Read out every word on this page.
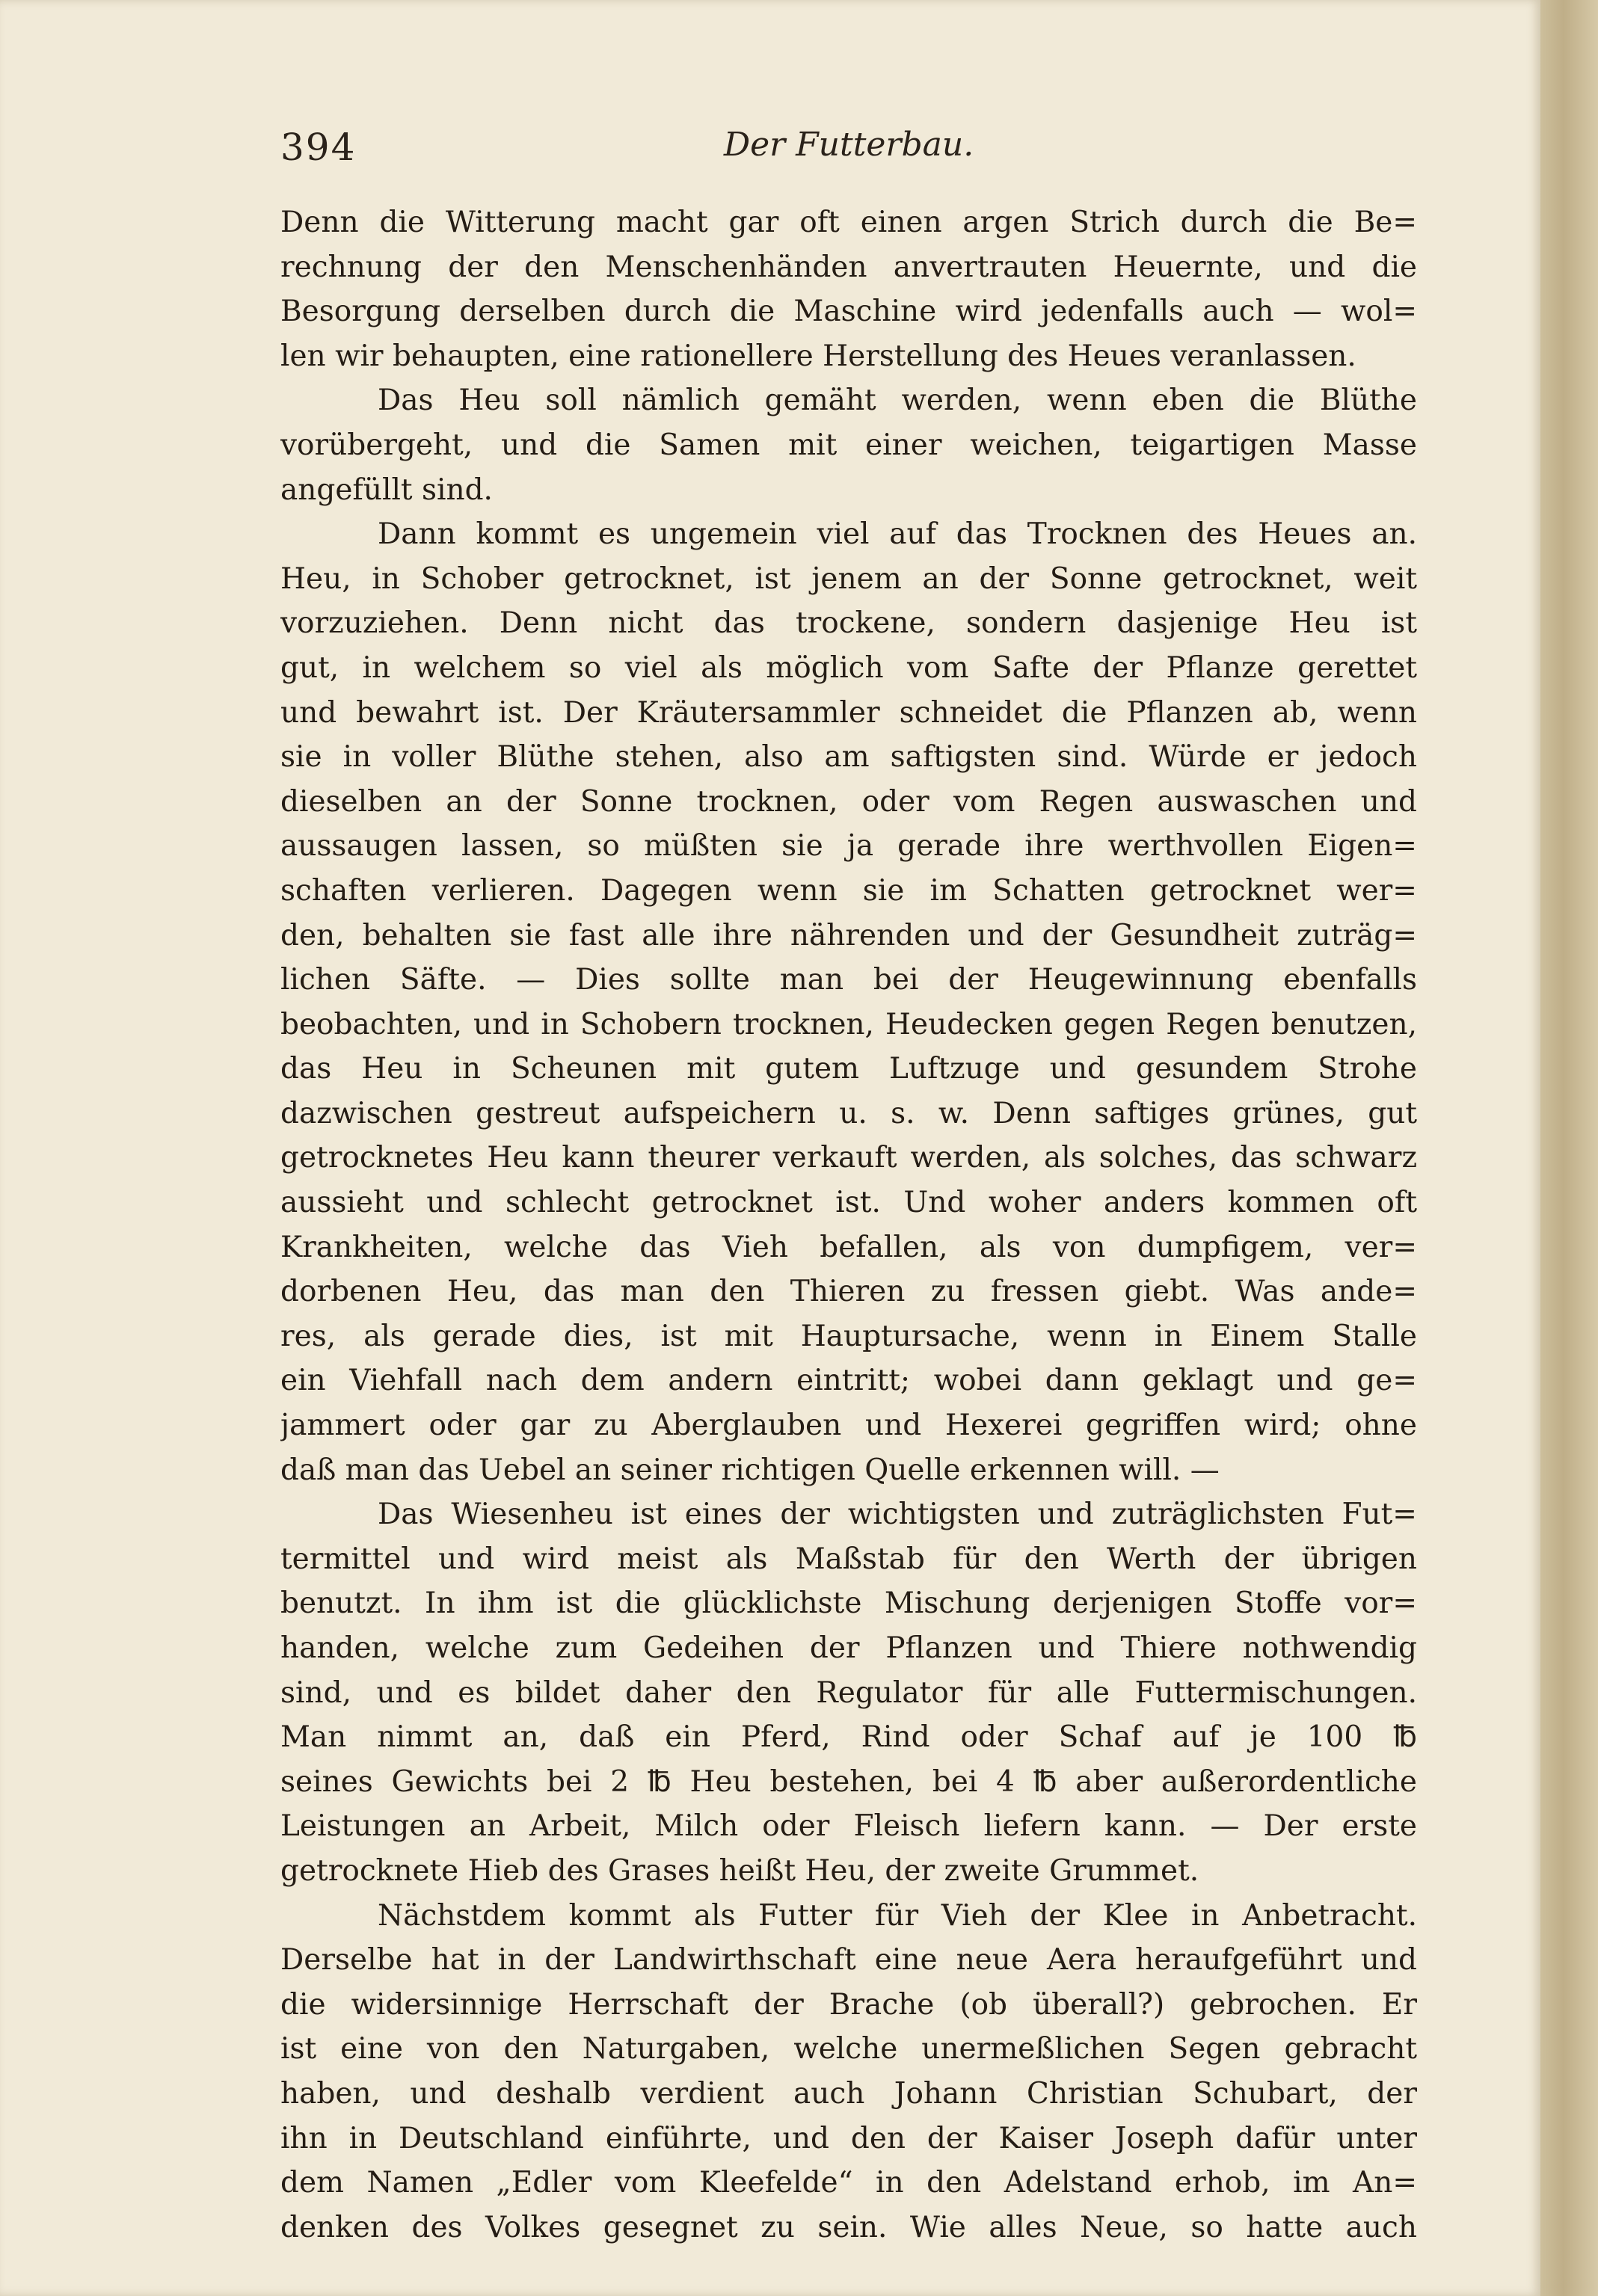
394	Der Futterbau.
Denn die Witterung macht gar oft einen argen Strich durch die Be=
rechnung der den Menschenhänden anvertrauten Heuernte, und die
Besorgung derselben durch die Maschine wird jedenfalls auch — wol=
len wir behaupten, eine rationellere Herstellung des Heues veranlassen.
Das Heu soll nämlich gemäht werden, wenn eben die Blüthe
vorübergeht, und die Samen mit einer weichen, teigartigen Masse
angefüllt sind.
Dann kommt es ungemein viel auf das Trocknen des Heues an.
Heu, in Schober getrocknet, ist jenem an der Sonne getrocknet, weit
vorzuziehen. Denn nicht das trockene, sondern dasjenige Heu ist
gut, in welchem so viel als möglich vom Safte der Pflanze gerettet
und bewahrt ist. Der Kräutersammler schneidet die Pflanzen ab, wenn
sie in voller Blüthe stehen, also am saftigsten sind. Würde er jedoch
dieselben an der Sonne trocknen, oder vom Regen auswaschen und
aussaugen lassen, so müßten sie ja gerade ihre werthvollen Eigen=
schaften verlieren. Dagegen wenn sie im Schatten getrocknet wer=
den, behalten sie fast alle ihre nährenden und der Gesundheit zuträg=
lichen Säfte. — Dies sollte man bei der Heugewinnung ebenfalls
beobachten, und in Schobern trocknen, Heudecken gegen Regen benutzen,
das Heu in Scheunen mit gutem Luftzuge und gesundem Strohe
dazwischen gestreut aufspeichern u. s. w. Denn saftiges grünes, gut
getrocknetes Heu kann theurer verkauft werden, als solches, das schwarz
aussieht und schlecht getrocknet ist. Und woher anders kommen oft
Krankheiten, welche das Vieh befallen, als von dumpfigem, ver=
dorbenen Heu, das man den Thieren zu fressen giebt. Was ande=
res, als gerade dies, ist mit Hauptursache, wenn in Einem Stalle
ein Viehfall nach dem andern eintritt; wobei dann geklagt und ge=
jammert oder gar zu Aberglauben und Hexerei gegriffen wird; ohne
daß man das Uebel an seiner richtigen Quelle erkennen will. —
Das Wiesenheu ist eines der wichtigsten und zuträglichsten Fut=
termittel und wird meist als Maßstab für den Werth der übrigen
benutzt. In ihm ist die glücklichste Mischung derjenigen Stoffe vor=
handen, welche zum Gedeihen der Pflanzen und Thiere nothwendig
sind, und es bildet daher den Regulator für alle Futtermischungen.
Man nimmt an, daß ein Pferd, Rind oder Schaf auf je 100 ℔
seines Gewichts bei 2 ℔ Heu bestehen, bei 4 ℔ aber außerordentliche
Leistungen an Arbeit, Milch oder Fleisch liefern kann. — Der erste
getrocknete Hieb des Grases heißt Heu, der zweite Grummet.
Nächstdem kommt als Futter für Vieh der Klee in Anbetracht.
Derselbe hat in der Landwirthschaft eine neue Aera heraufgeführt und
die widersinnige Herrschaft der Brache (ob überall?) gebrochen. Er
ist eine von den Naturgaben, welche unermeßlichen Segen gebracht
haben, und deshalb verdient auch Johann Christian Schubart, der
ihn in Deutschland einführte, und den der Kaiser Joseph dafür unter
dem Namen „Edler vom Kleefelde“ in den Adelstand erhob, im An=
denken des Volkes gesegnet zu sein. Wie alles Neue, so hatte auch
